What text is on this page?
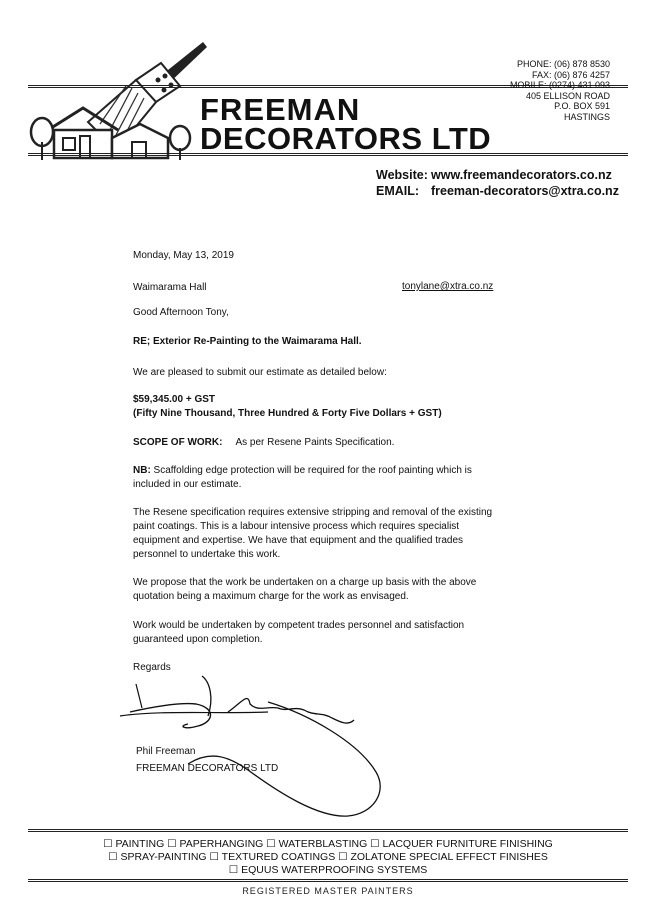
FREEMAN
DECORATORS LTD
PHONE: (06) 878 8530
FAX: (06) 876 4257
MOBILE: (0274) 431 093
405 ELLISON ROAD
P.O. BOX 591
HASTINGS
Website: www.freemandecorators.co.nz
EMAIL: freeman-decorators@xtra.co.nz
Monday, May 13, 2019
Waimarama Hall	tonylane@xtra.co.nz
Good Afternoon Tony,
RE; Exterior Re-Painting to the Waimarama Hall.
We are pleased to submit our estimate as detailed below:
$59,345.00 + GST
(Fifty Nine Thousand, Three Hundred & Forty Five Dollars + GST)
SCOPE OF WORK: As per Resene Paints Specification.
NB: Scaffolding edge protection will be required for the roof painting which is
included in our estimate.
The Resene specification requires extensive stripping and removal of the existing
paint coatings. This is a labour intensive process which requires specialist
equipment and expertise. We have that equipment and the qualified trades
personnel to undertake this work.
We propose that the work be undertaken on a charge up basis with the above
quotation being a maximum charge for the work as envisaged.
Work would be undertaken by competent trades personnel and satisfaction
guaranteed upon completion.
Regards
Phil Freeman
FREEMAN DECORATORS LTD
☐ PAINTING ☐ PAPERHANGING ☐ WATERBLASTING ☐ LACQUER FURNITURE FINISHING
☐ SPRAY-PAINTING ☐ TEXTURED COATINGS ☐ ZOLATONE SPECIAL EFFECT FINISHES
☐ EQUUS WATERPROOFING SYSTEMS
REGISTERED MASTER PAINTERS
